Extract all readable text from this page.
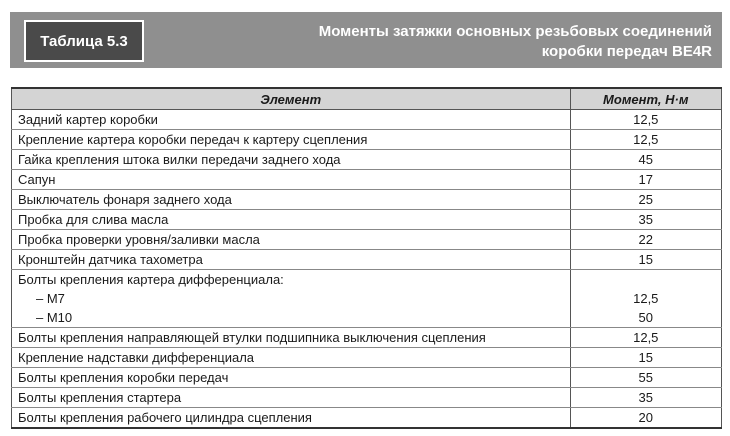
Таблица 5.3
Моменты затяжки основных резьбовых соединений
коробки передач BE4R
Элемент	Момент, Н·м
Задний картер коробки	12,5
Крепление картера коробки передач к картеру сцепления	12,5
Гайка крепления штока вилки передачи заднего хода	45
Сапун	17
Выключатель фонаря заднего хода	25
Пробка для слива масла	35
Пробка проверки уровня/заливки масла	22
Кронштейн датчика тахометра	15
Болты крепления картера дифференциала:	
– M7	12,5
– M10	50
Болты крепления направляющей втулки подшипника выключения сцепления	12,5
Крепление надставки дифференциала	15
Болты крепления коробки передач	55
Болты крепления стартера	35
Болты крепления рабочего цилиндра сцепления	20
